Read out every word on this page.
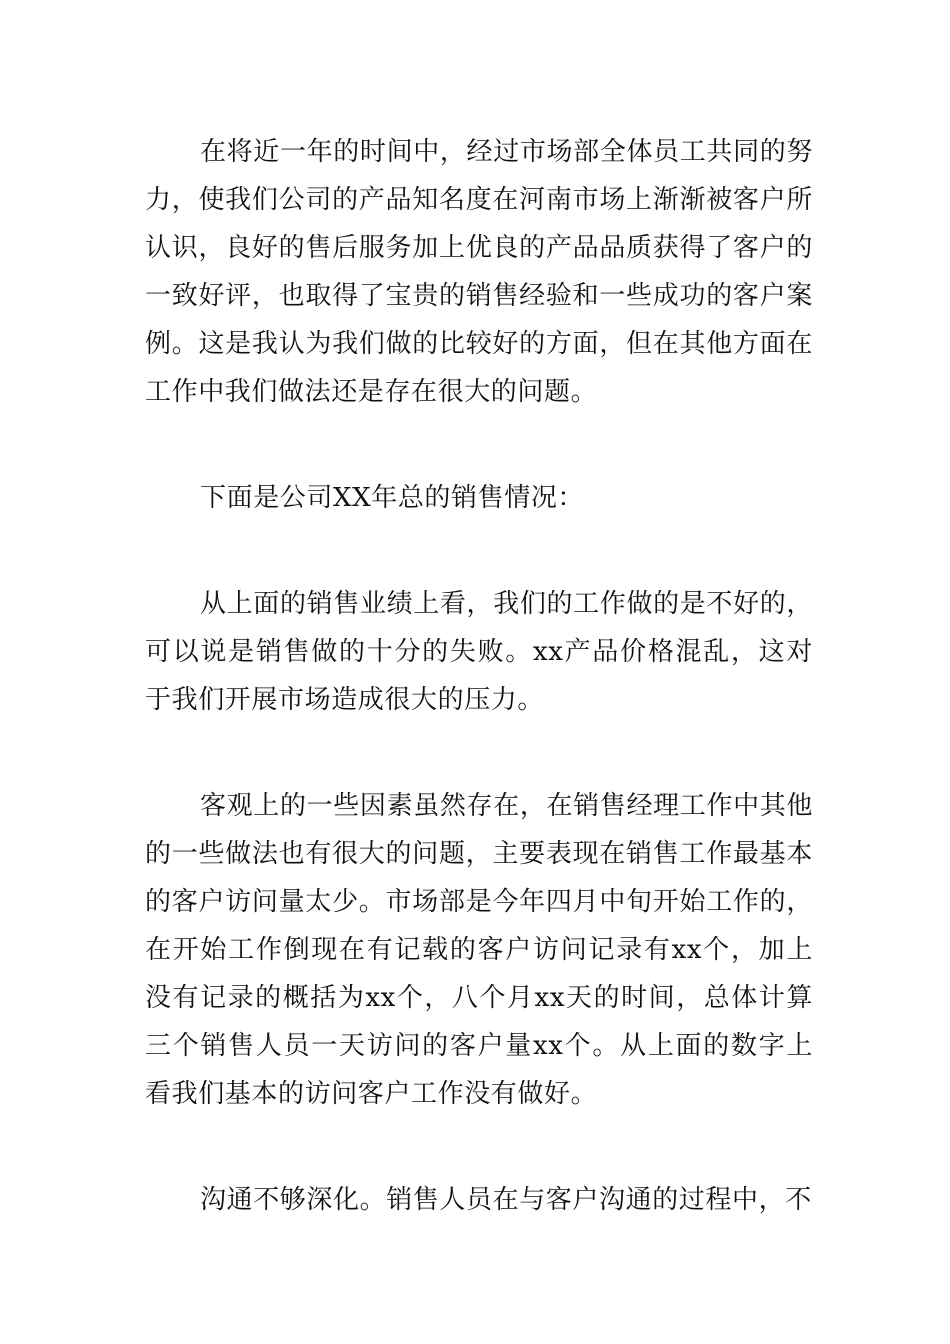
在将近一年的时间中，经过市场部全体员工共同的努力，使我们公司的产品知名度在河南市场上渐渐被客户所认识，良好的售后服务加上优良的产品品质获得了客户的一致好评，也取得了宝贵的销售经验和一些成功的客户案例。这是我认为我们做的比较好的方面，但在其他方面在工作中我们做法还是存在很大的问题。

下面是公司XX年总的销售情况：

从上面的销售业绩上看，我们的工作做的是不好的，可以说是销售做的十分的失败。xx产品价格混乱，这对于我们开展市场造成很大的压力。

客观上的一些因素虽然存在，在销售经理工作中其他的一些做法也有很大的问题，主要表现在销售工作最基本的客户访问量太少。市场部是今年四月中旬开始工作的，在开始工作倒现在有记载的客户访问记录有xx个，加上没有记录的概括为xx个，八个月xx天的时间，总体计算三个销售人员一天访问的客户量xx个。从上面的数字上看我们基本的访问客户工作没有做好。

沟通不够深化。销售人员在与客户沟通的过程中，不
